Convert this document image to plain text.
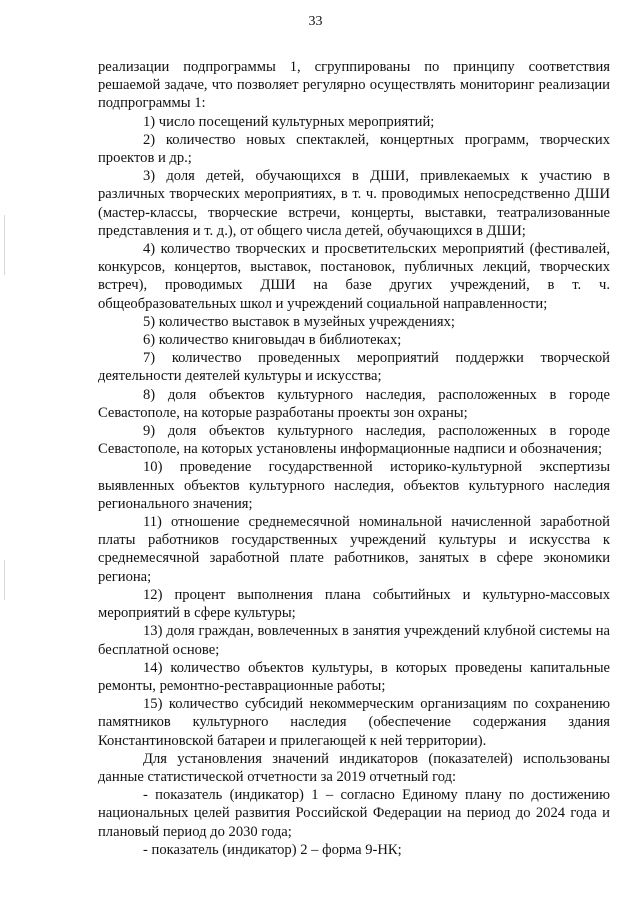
33

реализации подпрограммы 1, сгруппированы по принципу соответствия решаемой задаче, что позволяет регулярно осуществлять мониторинг реализации подпрограммы 1:

1) число посещений культурных мероприятий;

2) количество новых спектаклей, концертных программ, творческих проектов и др.;

3) доля детей, обучающихся в ДШИ, привлекаемых к участию в различных творческих мероприятиях, в т. ч. проводимых непосредственно ДШИ (мастер-классы, творческие встречи, концерты, выставки, театрализованные представления и т. д.), от общего числа детей, обучающихся в ДШИ;

4) количество творческих и просветительских мероприятий (фестивалей, конкурсов, концертов, выставок, постановок, публичных лекций, творческих встреч), проводимых ДШИ на базе других учреждений, в т. ч. общеобразовательных школ и учреждений социальной направленности;

5) количество выставок в музейных учреждениях;

6) количество книговыдач в библиотеках;

7) количество проведенных мероприятий поддержки творческой деятельности деятелей культуры и искусства;

8) доля объектов культурного наследия, расположенных в городе Севастополе, на которые разработаны проекты зон охраны;

9) доля объектов культурного наследия, расположенных в городе Севастополе, на которых установлены информационные надписи и обозначения;

10) проведение государственной историко-культурной экспертизы выявленных объектов культурного наследия, объектов культурного наследия регионального значения;

11) отношение среднемесячной номинальной начисленной заработной платы работников государственных учреждений культуры и искусства к среднемесячной заработной плате работников, занятых в сфере экономики региона;

12) процент выполнения плана событийных и культурно-массовых мероприятий в сфере культуры;

13) доля граждан, вовлеченных в занятия учреждений клубной системы на бесплатной основе;

14) количество объектов культуры, в которых проведены капитальные ремонты, ремонтно-реставрационные работы;

15) количество субсидий некоммерческим организациям по сохранению памятников культурного наследия (обеспечение содержания здания Константиновской батареи и прилегающей к ней территории).

Для установления значений индикаторов (показателей) использованы данные статистической отчетности за 2019 отчетный год:

- показатель (индикатор) 1 – согласно Единому плану по достижению национальных целей развития Российской Федерации на период до 2024 года и плановый период до 2030 года;

- показатель (индикатор) 2 – форма 9-НК;
